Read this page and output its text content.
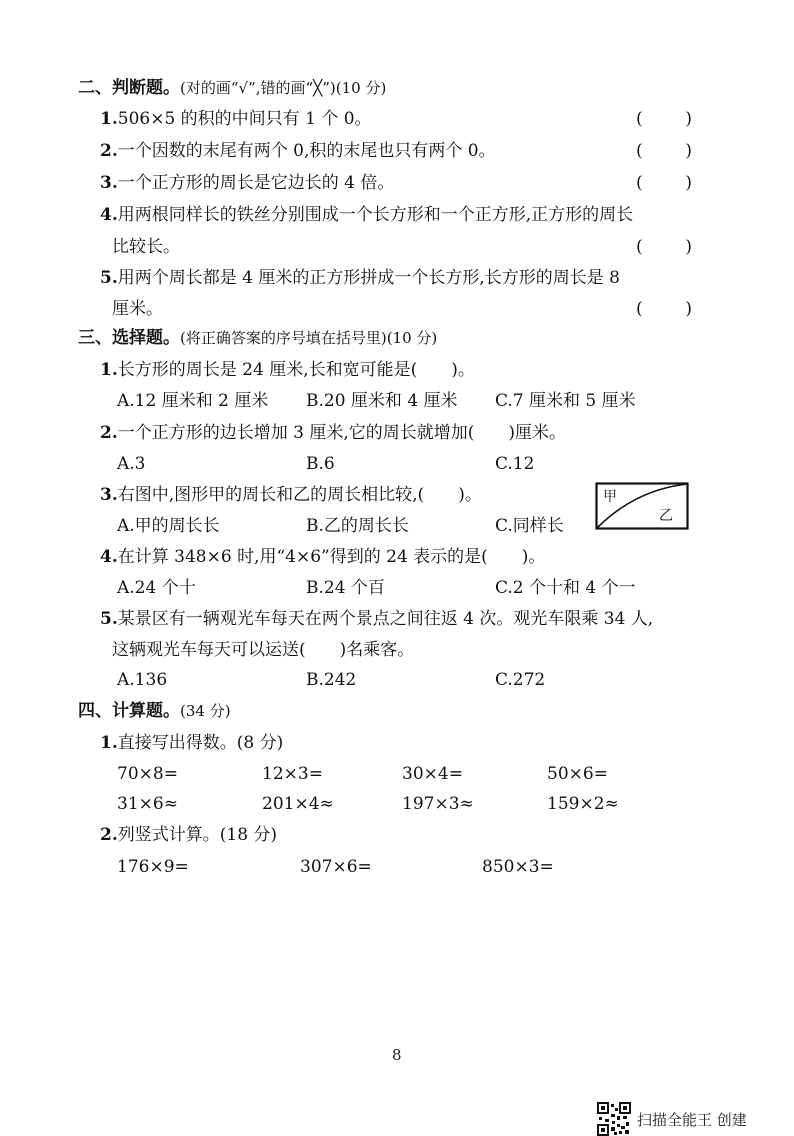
二、判断题。(对的画“√”,错的画“╳”)(10 分)
1.506×5 的积的中间只有 1 个 0。	(	)
2.一个因数的末尾有两个 0,积的末尾也只有两个 0。	(	)
3.一个正方形的周长是它边长的 4 倍。	(	)
4.用两根同样长的铁丝分别围成一个长方形和一个正方形,正方形的周长
比较长。	(	)
5.用两个周长都是 4 厘米的正方形拼成一个长方形,长方形的周长是 8
厘米。	(	)
三、选择题。(将正确答案的序号填在括号里)(10 分)
1.长方形的周长是 24 厘米,长和宽可能是(　　)。
A.12 厘米和 2 厘米 B.20 厘米和 4 厘米 C.7 厘米和 5 厘米
2.一个正方形的边长增加 3 厘米,它的周长就增加(　　)厘米。
A.3	B.6	C.12
3.右图中,图形甲的周长和乙的周长相比较,(　　)。
A.甲的周长长	B.乙的周长长	C.同样长
甲
乙
4.在计算 348×6 时,用“4×6”得到的 24 表示的是(　　)。
A.24 个十	B.24 个百	C.2 个十和 4 个一
5.某景区有一辆观光车每天在两个景点之间往返 4 次。观光车限乘 34 人,
这辆观光车每天可以运送(　　)名乘客。
A.136	B.242	C.272
四、计算题。(34 分)
1.直接写出得数。(8 分)
70×8=	12×3=	30×4=	50×6=
31×6≈	201×4≈	197×3≈	159×2≈
2.列竖式计算。(18 分)
176×9=	307×6=	850×3=
8
扫描全能王 创建
